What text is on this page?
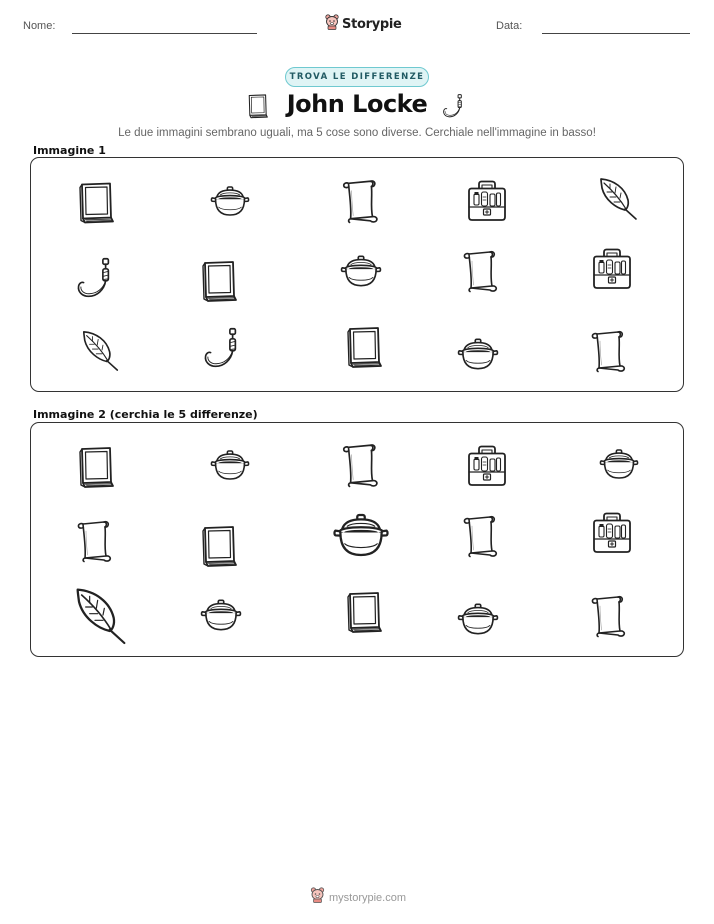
Nome:	Storypie	Data:
TROVA LE DIFFERENZE
John Locke
Le due immagini sembrano uguali, ma 5 cose sono diverse. Cerchiale nell'immagine in basso!
Immagine 1
Immagine 2 (cerchia le 5 differenze)
mystorypie.com
